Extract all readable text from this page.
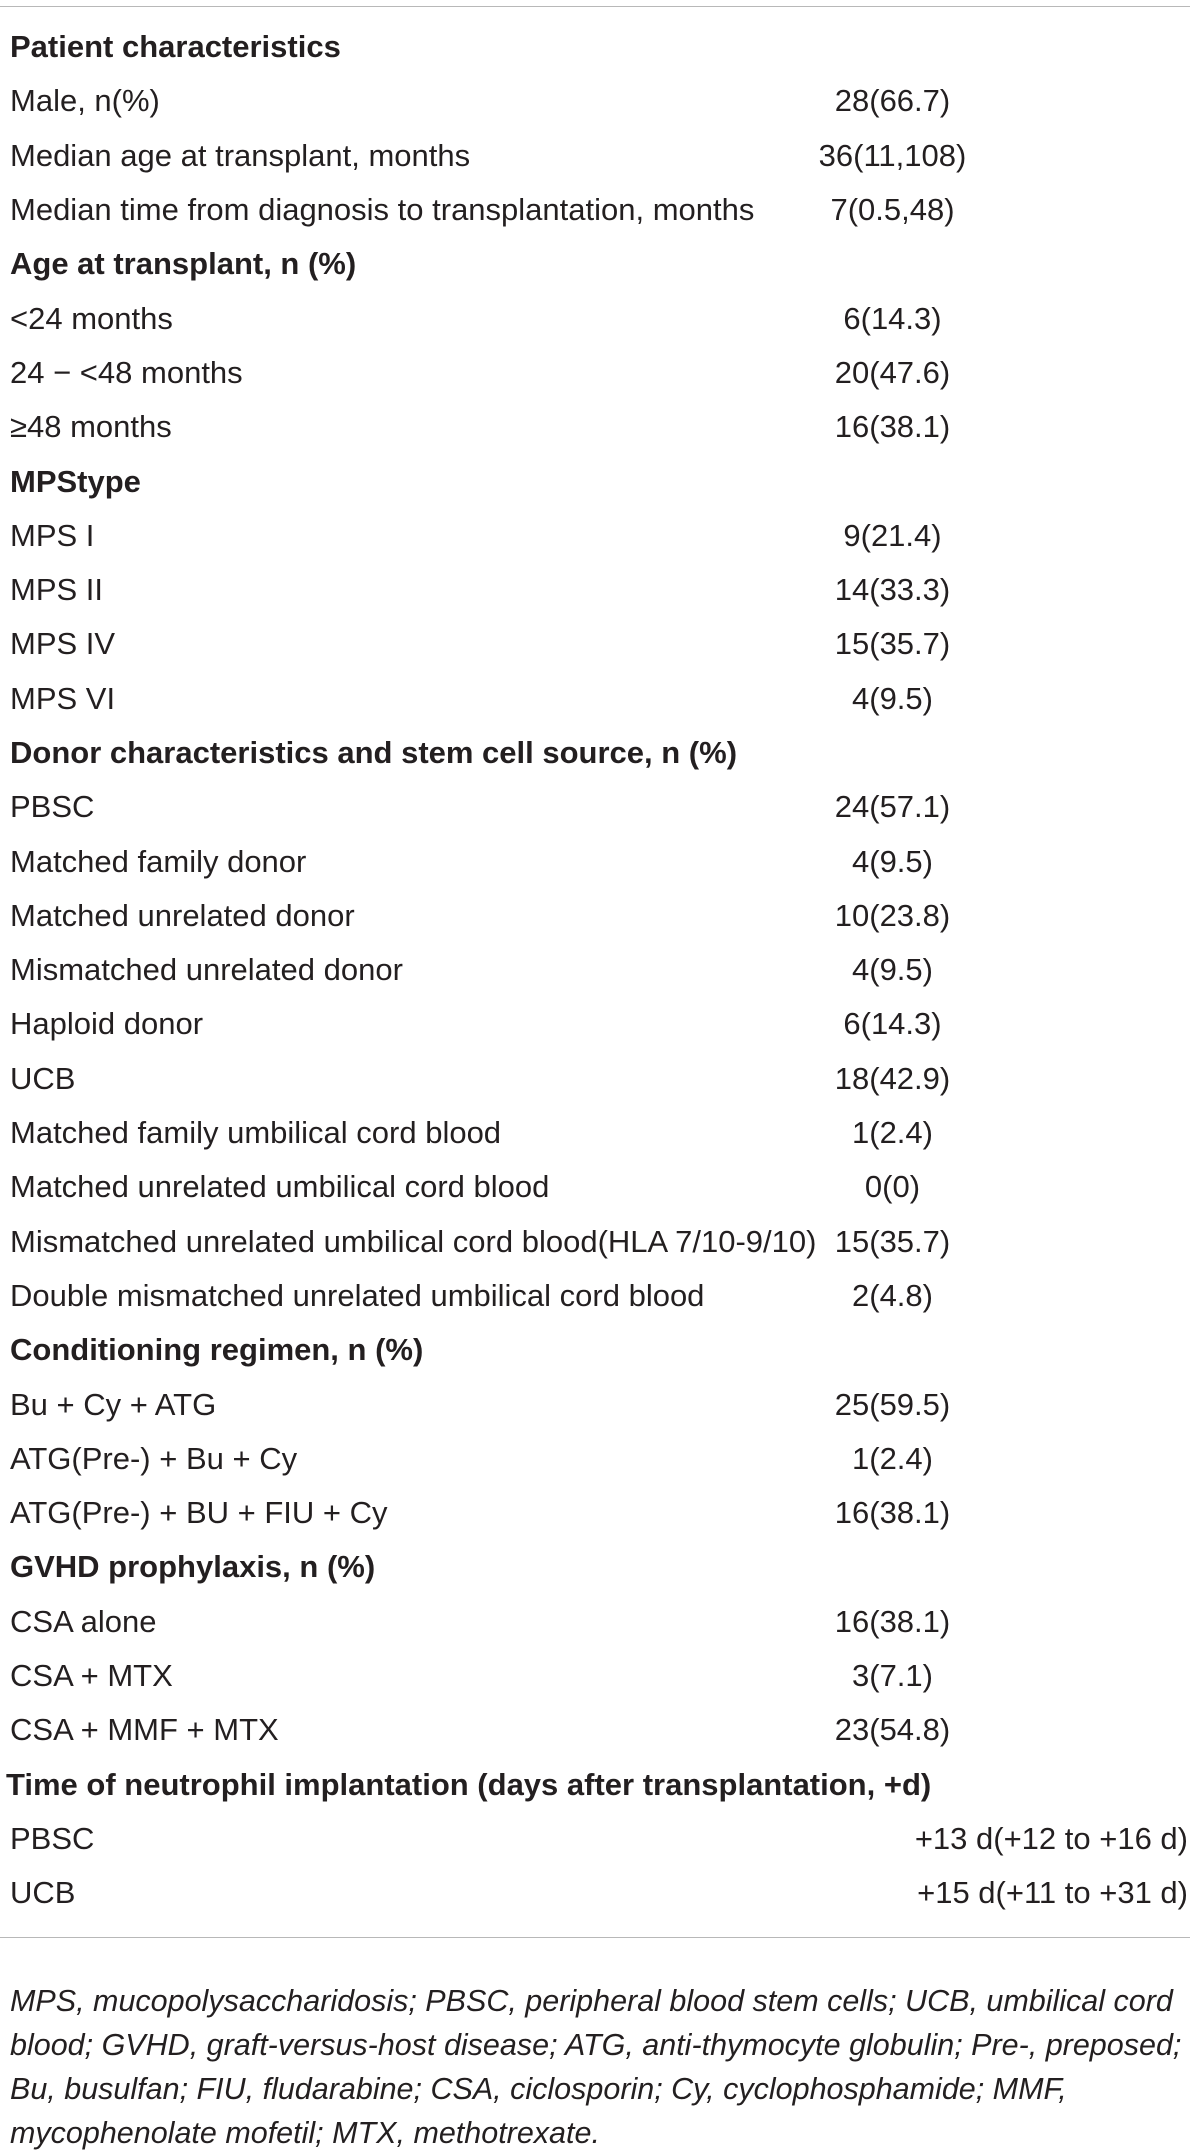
Patient characteristics	
Male, n(%)	28(66.7)
Median age at transplant, months	36(11,108)
Median time from diagnosis to transplantation, months	7(0.5,48)
Age at transplant, n (%)	
<24 months	6(14.3)
24 − <48 months	20(47.6)
≥48 months	16(38.1)
MPStype	
MPS I	9(21.4)
MPS II	14(33.3)
MPS IV	15(35.7)
MPS VI	4(9.5)
Donor characteristics and stem cell source, n (%)	
PBSC	24(57.1)
Matched family donor	4(9.5)
Matched unrelated donor	10(23.8)
Mismatched unrelated donor	4(9.5)
Haploid donor	6(14.3)
UCB	18(42.9)
Matched family umbilical cord blood	1(2.4)
Matched unrelated umbilical cord blood	0(0)
Mismatched unrelated umbilical cord blood(HLA 7/10-9/10)	15(35.7)
Double mismatched unrelated umbilical cord blood	2(4.8)
Conditioning regimen, n (%)	
Bu + Cy + ATG	25(59.5)
ATG(Pre-) + Bu + Cy	1(2.4)
ATG(Pre-) + BU + FIU + Cy	16(38.1)
GVHD prophylaxis, n (%)	
CSA alone	16(38.1)
CSA + MTX	3(7.1)
CSA + MMF + MTX	23(54.8)
Time of neutrophil implantation (days after transplantation, +d)	
PBSC	+13 d(+12 to +16 d)
UCB	+15 d(+11 to +31 d)

MPS, mucopolysaccharidosis; PBSC, peripheral blood stem cells; UCB, umbilical cord blood; GVHD, graft-versus-host disease; ATG, anti-thymocyte globulin; Pre-, preposed; Bu, busulfan; FIU, fludarabine; CSA, ciclosporin; Cy, cyclophosphamide; MMF, mycophenolate mofetil; MTX, methotrexate.
